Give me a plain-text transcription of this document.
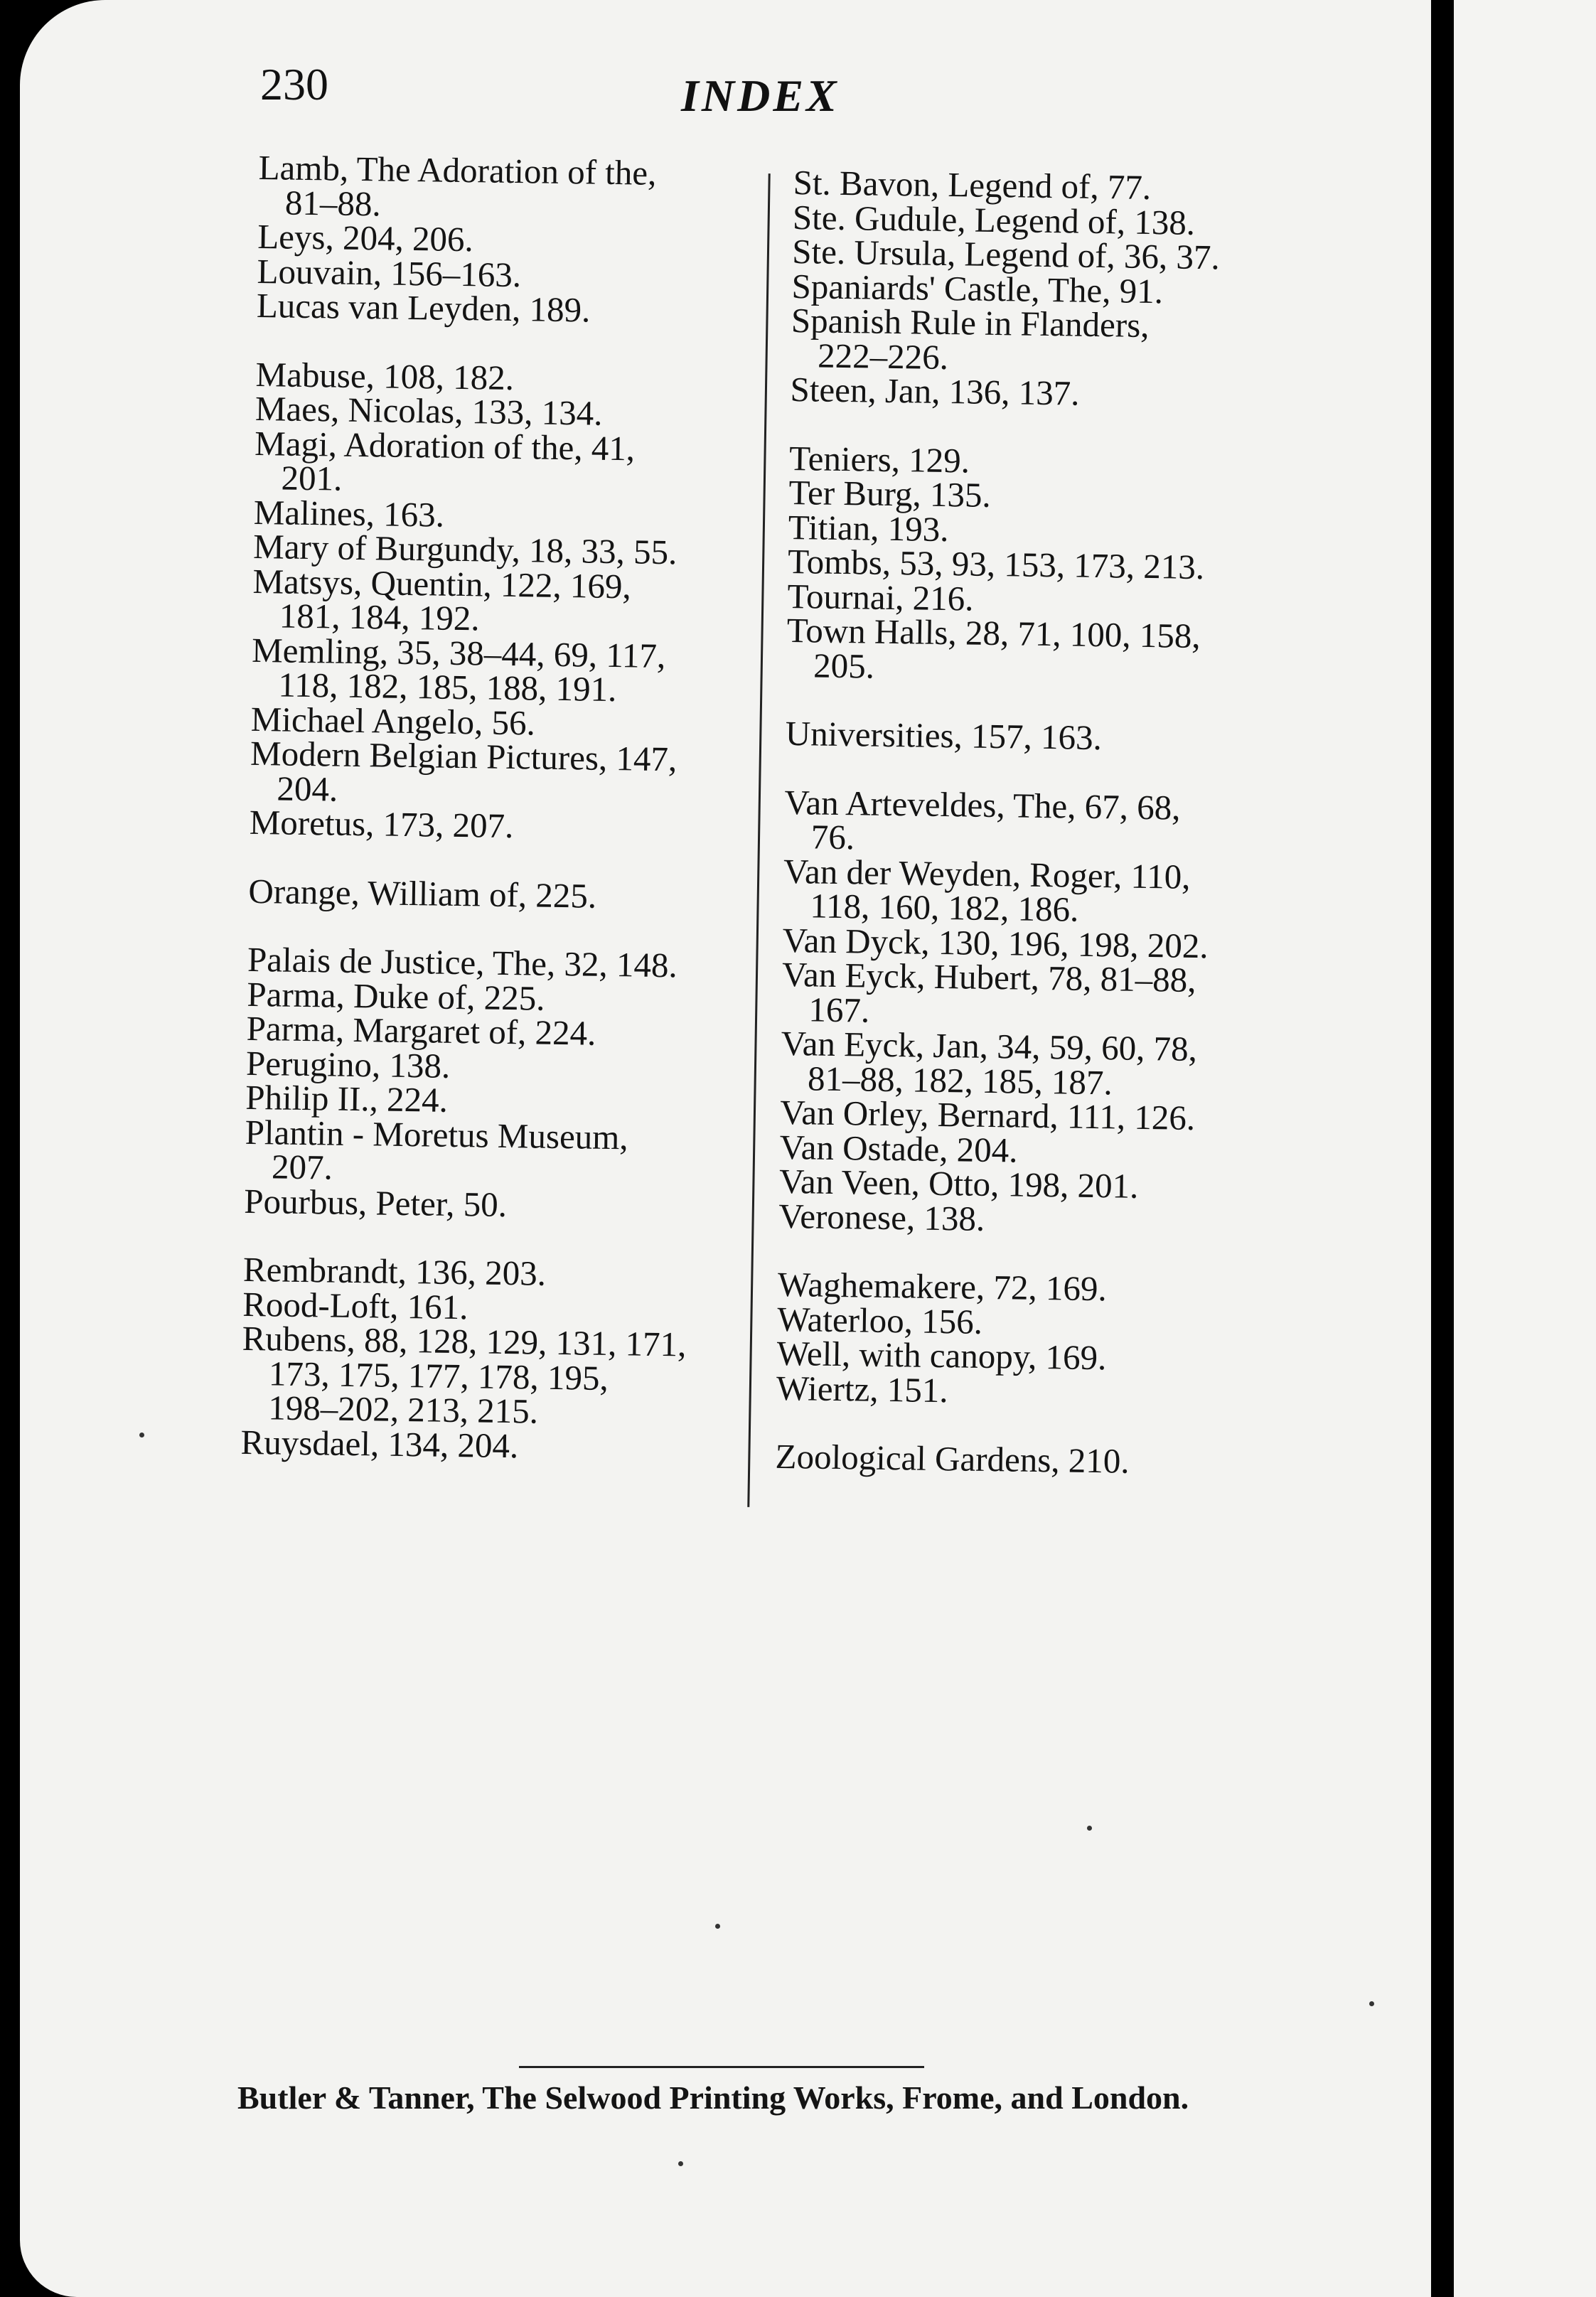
230	INDEX
Lamb, The Adoration of the,
81–88.
Leys, 204, 206.
Louvain, 156–163.
Lucas van Leyden, 189.
Mabuse, 108, 182.
Maes, Nicolas, 133, 134.
Magi, Adoration of the, 41,
201.
Malines, 163.
Mary of Burgundy, 18, 33, 55.
Matsys, Quentin, 122, 169,
181, 184, 192.
Memling, 35, 38–44, 69, 117,
118, 182, 185, 188, 191.
Michael Angelo, 56.
Modern Belgian Pictures, 147,
204.
Moretus, 173, 207.
Orange, William of, 225.
Palais de Justice, The, 32, 148.
Parma, Duke of, 225.
Parma, Margaret of, 224.
Perugino, 138.
Philip II., 224.
Plantin - Moretus Museum,
207.
Pourbus, Peter, 50.
Rembrandt, 136, 203.
Rood-Loft, 161.
Rubens, 88, 128, 129, 131, 171,
173, 175, 177, 178, 195,
198–202, 213, 215.
Ruysdael, 134, 204.
St. Bavon, Legend of, 77.
Ste. Gudule, Legend of, 138.
Ste. Ursula, Legend of, 36, 37.
Spaniards' Castle, The, 91.
Spanish Rule in Flanders,
222–226.
Steen, Jan, 136, 137.
Teniers, 129.
Ter Burg, 135.
Titian, 193.
Tombs, 53, 93, 153, 173, 213.
Tournai, 216.
Town Halls, 28, 71, 100, 158,
205.
Universities, 157, 163.
Van Arteveldes, The, 67, 68,
76.
Van der Weyden, Roger, 110,
118, 160, 182, 186.
Van Dyck, 130, 196, 198, 202.
Van Eyck, Hubert, 78, 81–88,
167.
Van Eyck, Jan, 34, 59, 60, 78,
81–88, 182, 185, 187.
Van Orley, Bernard, 111, 126.
Van Ostade, 204.
Van Veen, Otto, 198, 201.
Veronese, 138.
Waghemakere, 72, 169.
Waterloo, 156.
Well, with canopy, 169.
Wiertz, 151.
Zoological Gardens, 210.
Butler & Tanner, The Selwood Printing Works, Frome, and London.
